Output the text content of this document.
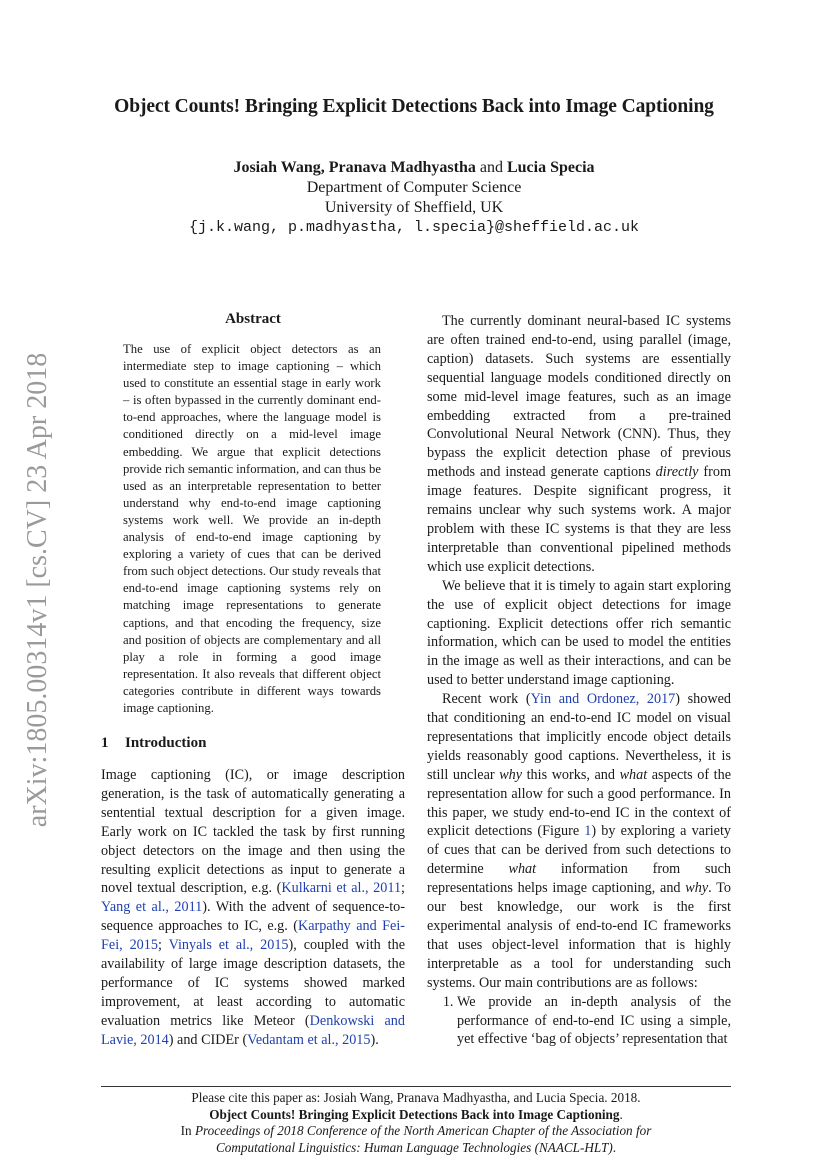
arXiv:1805.00314v1 [cs.CV] 23 Apr 2018
Object Counts! Bringing Explicit Detections Back into Image Captioning
Josiah Wang, Pranava Madhyastha and Lucia Specia
Department of Computer Science
University of Sheffield, UK
{j.k.wang, p.madhyastha, l.specia}@sheffield.ac.uk
Abstract

The use of explicit object detectors as an intermediate step to image captioning – which used to constitute an essential stage in early work – is often bypassed in the currently dominant end-to-end approaches, where the language model is conditioned directly on a mid-level image embedding. We argue that explicit detections provide rich semantic information, and can thus be used as an interpretable representation to better understand why end-to-end image captioning systems work well. We provide an in-depth analysis of end-to-end image captioning by exploring a variety of cues that can be derived from such object detections. Our study reveals that end-to-end image captioning systems rely on matching image representations to generate captions, and that encoding the frequency, size and position of objects are complementary and all play a role in forming a good image representation. It also reveals that different object categories contribute in different ways towards image captioning.

1 Introduction

Image captioning (IC), or image description generation, is the task of automatically generating a sentential textual description for a given image. Early work on IC tackled the task by first running object detectors on the image and then using the resulting explicit detections as input to generate a novel textual description, e.g. (Kulkarni et al., 2011; Yang et al., 2011). With the advent of sequence-to-sequence approaches to IC, e.g. (Karpathy and Fei-Fei, 2015; Vinyals et al., 2015), coupled with the availability of large image description datasets, the performance of IC systems showed marked improvement, at least according to automatic evaluation metrics like Meteor (Denkowski and Lavie, 2014) and CIDEr (Vedantam et al., 2015).

The currently dominant neural-based IC systems are often trained end-to-end, using parallel (image, caption) datasets. Such systems are essentially sequential language models conditioned directly on some mid-level image features, such as an image embedding extracted from a pre-trained Convolutional Neural Network (CNN). Thus, they bypass the explicit detection phase of previous methods and instead generate captions directly from image features. Despite significant progress, it remains unclear why such systems work. A major problem with these IC systems is that they are less interpretable than conventional pipelined methods which use explicit detections.

We believe that it is timely to again start exploring the use of explicit object detections for image captioning. Explicit detections offer rich semantic information, which can be used to model the entities in the image as well as their interactions, and can be used to better understand image captioning.

Recent work (Yin and Ordonez, 2017) showed that conditioning an end-to-end IC model on visual representations that implicitly encode object details yields reasonably good captions. Nevertheless, it is still unclear why this works, and what aspects of the representation allow for such a good performance. In this paper, we study end-to-end IC in the context of explicit detections (Figure 1) by exploring a variety of cues that can be derived from such detections to determine what information from such representations helps image captioning, and why. To our best knowledge, our work is the first experimental analysis of end-to-end IC frameworks that uses object-level information that is highly interpretable as a tool for understanding such systems. Our main contributions are as follows:

1. We provide an in-depth analysis of the performance of end-to-end IC using a simple, yet effective ‘bag of objects’ representation that
Please cite this paper as: Josiah Wang, Pranava Madhyastha, and Lucia Specia. 2018.
Object Counts! Bringing Explicit Detections Back into Image Captioning.
In Proceedings of 2018 Conference of the North American Chapter of the Association for
Computational Linguistics: Human Language Technologies (NAACL-HLT).
